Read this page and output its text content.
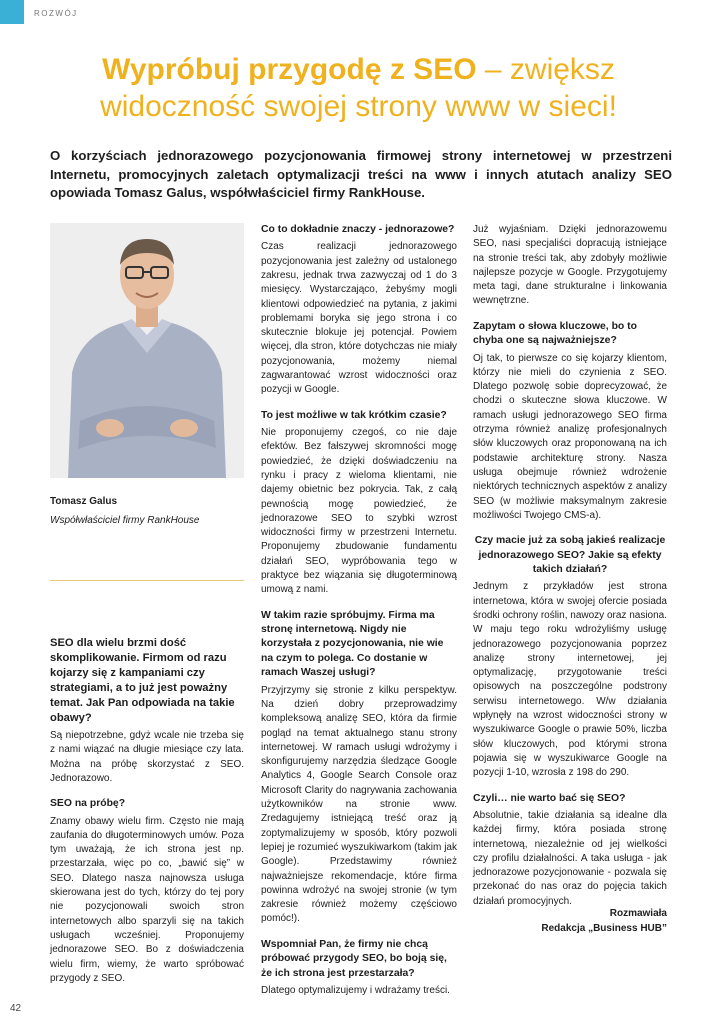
ROZWÓJ
Wypróbuj przygodę z SEO – zwiększ
widoczność swojej strony www w sieci!

O korzyściach jednorazowego pozycjonowania firmowej strony internetowej w przestrzeni Internetu, promocyjnych zaletach optymalizacji treści na www i innych atutach analizy SEO opowiada Tomasz Galus, współwłaściciel firmy RankHouse.

Tomasz Galus
Współwłaściciel firmy RankHouse
SEO dla wielu brzmi dość skomplikowanie. Firmom od razu kojarzy się z kampaniami czy strategiami, a to już jest poważny temat. Jak Pan odpowiada na takie obawy?

Są niepotrzebne, gdyż wcale nie trzeba się z nami wiązać na długie miesiące czy lata. Można na próbę skorzystać z SEO. Jednorazowo.

SEO na próbę?

Znamy obawy wielu firm. Często nie mają zaufania do długoterminowych umów. Poza tym uważają, że ich strona jest np. przestarzała, więc po co, „bawić się” w SEO. Dlatego nasza najnowsza usługa skierowana jest do tych, którzy do tej pory nie pozycjonowali swoich stron internetowych albo sparzyli się na takich usługach wcześniej. Proponujemy jednorazowe SEO. Bo z doświadczenia wielu firm, wiemy, że warto spróbować przygody z SEO.

Co to dokładnie znaczy - jednorazowe?

Czas realizacji jednorazowego pozycjonowania jest zależny od ustalonego zakresu, jednak trwa zazwyczaj od 1 do 3 miesięcy. Wystarczająco, żebyśmy mogli klientowi odpowiedzieć na pytania, z jakimi problemami boryka się jego strona i co skutecznie blokuje jej potencjał. Powiem więcej, dla stron, które dotychczas nie miały pozycjonowania, możemy niemal zagwarantować wzrost widoczności oraz pozycji w Google.

To jest możliwe w tak krótkim czasie?

Nie proponujemy czegoś, co nie daje efektów. Bez fałszywej skromności mogę powiedzieć, że dzięki doświadczeniu na rynku i pracy z wieloma klientami, nie dajemy obietnic bez pokrycia. Tak, z całą pewnością mogę powiedzieć, że jednorazowe SEO to szybki wzrost widoczności firmy w przestrzeni Internetu. Proponujemy zbudowanie fundamentu działań SEO, wypróbowania tego w praktyce bez wiązania się długoterminową umową z nami.

W takim razie spróbujmy. Firma ma stronę internetową. Nigdy nie korzystała z pozycjonowania, nie wie na czym to polega. Co dostanie w ramach Waszej usługi?

Przyjrzymy się stronie z kilku perspektyw. Na dzień dobry przeprowadzimy kompleksową analizę SEO, która da firmie pogląd na temat aktualnego stanu strony internetowej. W ramach usługi wdrożymy i skonfigurujemy narzędzia śledzące Google Analytics 4, Google Search Console oraz Microsoft Clarity do nagrywania zachowania użytkowników na stronie www. Zredagujemy istniejącą treść oraz ją zoptymalizujemy w sposób, który pozwoli lepiej je rozumieć wyszukiwarkom (takim jak Google). Przedstawimy również najważniejsze rekomendacje, które firma powinna wdrożyć na swojej stronie (w tym zakresie również możemy częściowo pomóc!).

Wspomniał Pan, że firmy nie chcą próbować przygody SEO, bo boją się, że ich strona jest przestarzała?

Dlatego optymalizujemy i wdrażamy treści.

Już wyjaśniam. Dzięki jednorazowemu SEO, nasi specjaliści dopracują istniejące na stronie treści tak, aby zdobyły możliwie najlepsze pozycje w Google. Przygotujemy meta tagi, dane strukturalne i linkowania wewnętrzne.

Zapytam o słowa kluczowe, bo to chyba one są najważniejsze?

Oj tak, to pierwsze co się kojarzy klientom, którzy nie mieli do czynienia z SEO. Dlatego pozwolę sobie doprecyzować, że chodzi o skuteczne słowa kluczowe. W ramach usługi jednorazowego SEO firma otrzyma również analizę profesjonalnych słów kluczowych oraz proponowaną na ich podstawie architekturę strony. Nasza usługa obejmuje również wdrożenie niektórych technicznych aspektów z analizy SEO (w możliwie maksymalnym zakresie możliwości Twojego CMS-a).

Czy macie już za sobą jakieś realizacje jednorazowego SEO? Jakie są efekty takich działań?

Jednym z przykładów jest strona internetowa, która w swojej ofercie posiada środki ochrony roślin, nawozy oraz nasiona. W maju tego roku wdrożyliśmy usługę jednorazowego pozycjonowania poprzez analizę strony internetowej, jej optymalizację, przygotowanie treści opisowych na poszczególne podstrony serwisu internetowego. W/w działania wpłynęły na wzrost widoczności strony w wyszukiwarce Google o prawie 50%, liczba słów kluczowych, pod którymi strona pojawia się w wyszukiwarce Google na pozycji 1-10, wzrosła z 198 do 290.

Czyli… nie warto bać się SEO?

Absolutnie, takie działania są idealne dla każdej firmy, która posiada stronę internetową, niezależnie od jej wielkości czy profilu działalności. A taka usługa - jak jednorazowe pozycjonowanie - pozwala się przekonać do nas oraz do pojęcia takich działań promocyjnych.

Rozmawiała
Redakcja „Business HUB”
42
